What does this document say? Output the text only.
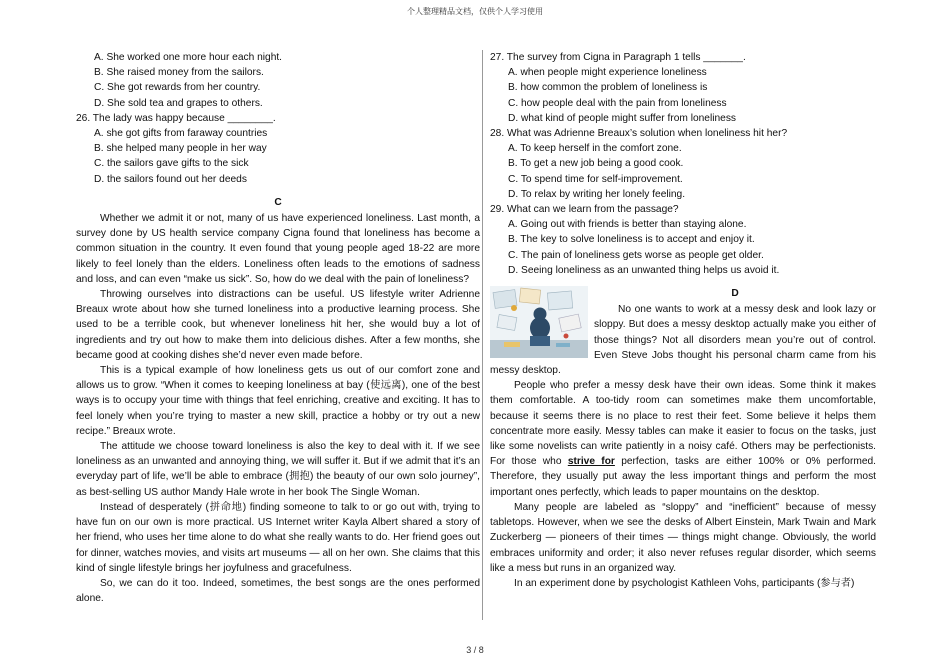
个人整理精品文档，仅供个人学习使用

A. She worked one more hour each night.

B. She raised money from the sailors.

C. She got rewards from her country.

D. She sold tea and grapes to others.

26. The lady was happy because ________.

A. she got gifts from faraway countries

B. she helped many people in her way

C. the sailors gave gifts to the sick

D. the sailors found out her deeds

C

Whether we admit it or not, many of us have experienced loneliness. Last month, a survey done by US health service company Cigna found that loneliness has become a common situation in the country. It even found that young people aged 18-22 are more likely to feel lonely than the elders. Loneliness often leads to the emotions of sadness and loss, and can even “make us sick”. So, how do we deal with the pain of loneliness?

Throwing ourselves into distractions can be useful. US lifestyle writer Adrienne Breaux wrote about how she turned loneliness into a productive learning process. She used to be a terrible cook, but whenever loneliness hit her, she would buy a lot of ingredients and try out how to make them into delicious dishes. After a few months, she became good at cooking dishes she’d never even made before.

This is a typical example of how loneliness gets us out of our comfort zone and allows us to grow. “When it comes to keeping loneliness at bay (使远离), one of the best ways is to occupy your time with things that feel enriching, creative and exciting. It has to feel lonely when you’re trying to master a new skill, practice a hobby or try out a new recipe.” Breaux wrote.

The attitude we choose toward loneliness is also the key to deal with it. If we see loneliness as an unwanted and annoying thing, we will suffer it. But if we admit that it’s an everyday part of life, we’ll be able to embrace (拥抱) the beauty of our own solo journey”, as best-selling US author Mandy Hale wrote in her book The Single Woman.

Instead of desperately (拼命地) finding someone to talk to or go out with, trying to have fun on our own is more practical. US Internet writer Kayla Albert shared a story of her friend, who uses her time alone to do what she really wants to do. Her friend goes out for dinner, watches movies, and visits art museums — all on her own. She claims that this kind of single lifestyle brings her joyfulness and gracefulness.

So, we can do it too. Indeed, sometimes, the best songs are the ones performed alone.

27. The survey from Cigna in Paragraph 1 tells _______.

A. when people might experience loneliness

B. how common the problem of loneliness is

C. how people deal with the pain from loneliness

D. what kind of people might suffer from loneliness

28. What was Adrienne Breaux’s solution when loneliness hit her?

A. To keep herself in the comfort zone.

B. To get a new job being a good cook.

C. To spend time for self-improvement.

D. To relax by writing her lonely feeling.

29. What can we learn from the passage?

A. Going out with friends is better than staying alone.

B. The key to solve loneliness is to accept and enjoy it.

C. The pain of loneliness gets worse as people get older.

D. Seeing loneliness as an unwanted thing helps us avoid it.

D

No one wants to work at a messy desk and look lazy or sloppy. But does a messy desktop actually make you either of those things? Not all disorders mean you’re out of control. Even Steve Jobs thought his personal charm came from his messy desktop.

People who prefer a messy desk have their own ideas. Some think it makes them comfortable. A too-tidy room can sometimes make them uncomfortable, because it seems there is no place to rest their feet. Some believe it helps them concentrate more easily. Messy tables can make it easier to focus on the tasks, just like some novelists can write patiently in a noisy café. Others may be perfectionists. For those who strive for perfection, tasks are either 100% or 0% performed. Therefore, they usually put away the less important things and perform the most important ones perfectly, which leads to paper mountains on the desktop.

Many people are labeled as “sloppy” and “inefficient” because of messy tabletops. However, when we see the desks of Albert Einstein, Mark Twain and Mark Zuckerberg — pioneers of their times — things might change. Obviously, the world embraces uniformity and order; it also never refuses regular disorder, which seems like a mess but runs in an organized way.

In an experiment done by psychologist Kathleen Vohs, participants (参与者)

3 / 8
